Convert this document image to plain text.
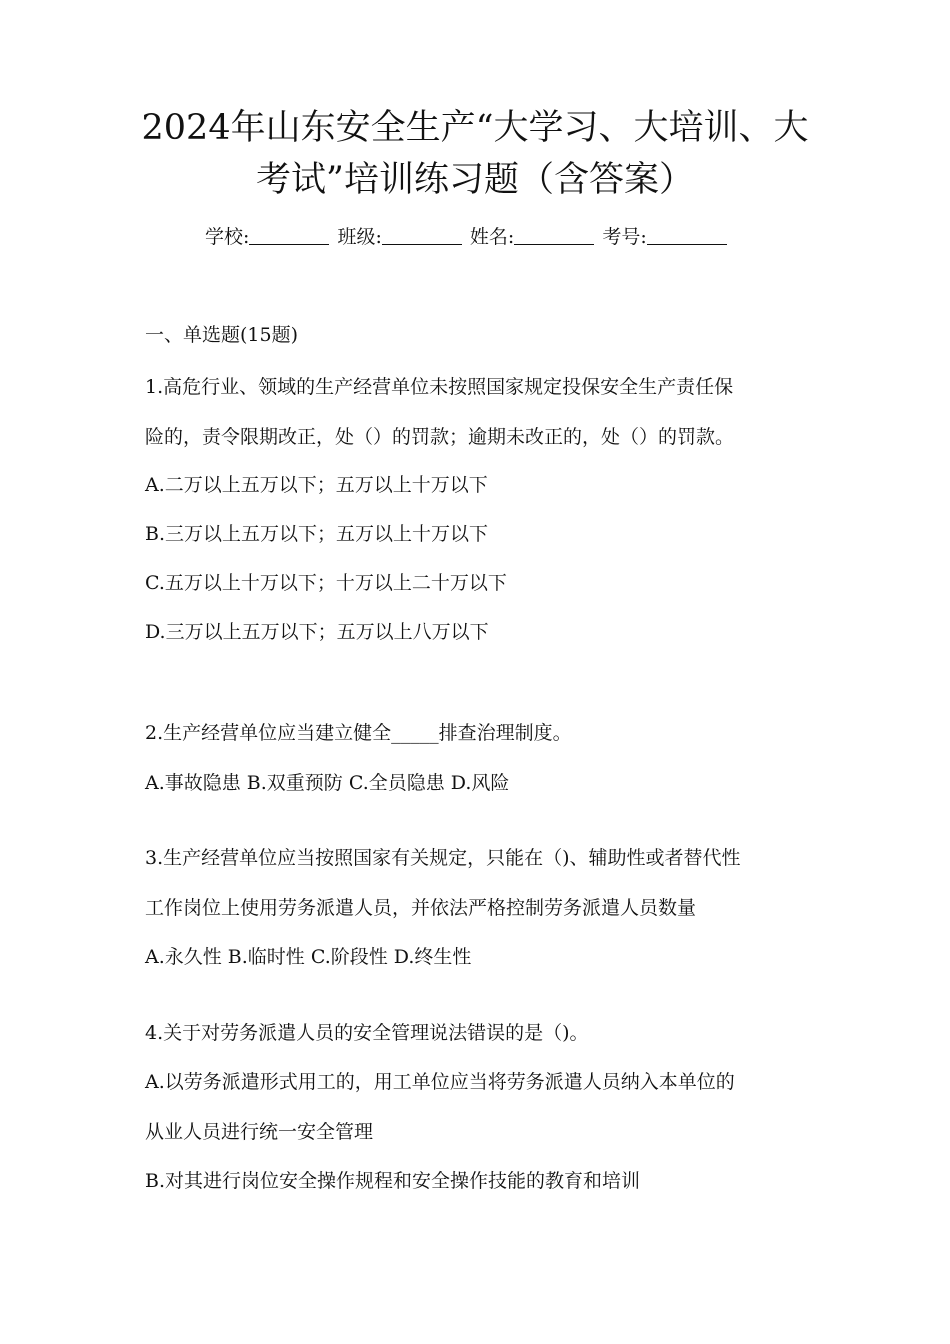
2024年山东安全生产“大学习、大培训、大
考试”培训练习题（含答案）
学校:	班级:	姓名:	考号:
一、单选题(15题)
1.高危行业、领域的生产经营单位未按照国家规定投保安全生产责任保
险的，责令限期改正，处（）的罚款；逾期未改正的，处（）的罚款。
A.二万以上五万以下；五万以上十万以下
B.三万以上五万以下；五万以上十万以下
C.五万以上十万以下；十万以上二十万以下
D.三万以上五万以下；五万以上八万以下
2.生产经营单位应当建立健全_____排查治理制度。
A.事故隐患 B.双重预防 C.全员隐患 D.风险
3.生产经营单位应当按照国家有关规定，只能在（)、辅助性或者替代性
工作岗位上使用劳务派遣人员，并依法严格控制劳务派遣人员数量
A.永久性 B.临时性 C.阶段性 D.终生性
4.关于对劳务派遣人员的安全管理说法错误的是（)。
A.以劳务派遣形式用工的，用工单位应当将劳务派遣人员纳入本单位的
从业人员进行统一安全管理
B.对其进行岗位安全操作规程和安全操作技能的教育和培训
